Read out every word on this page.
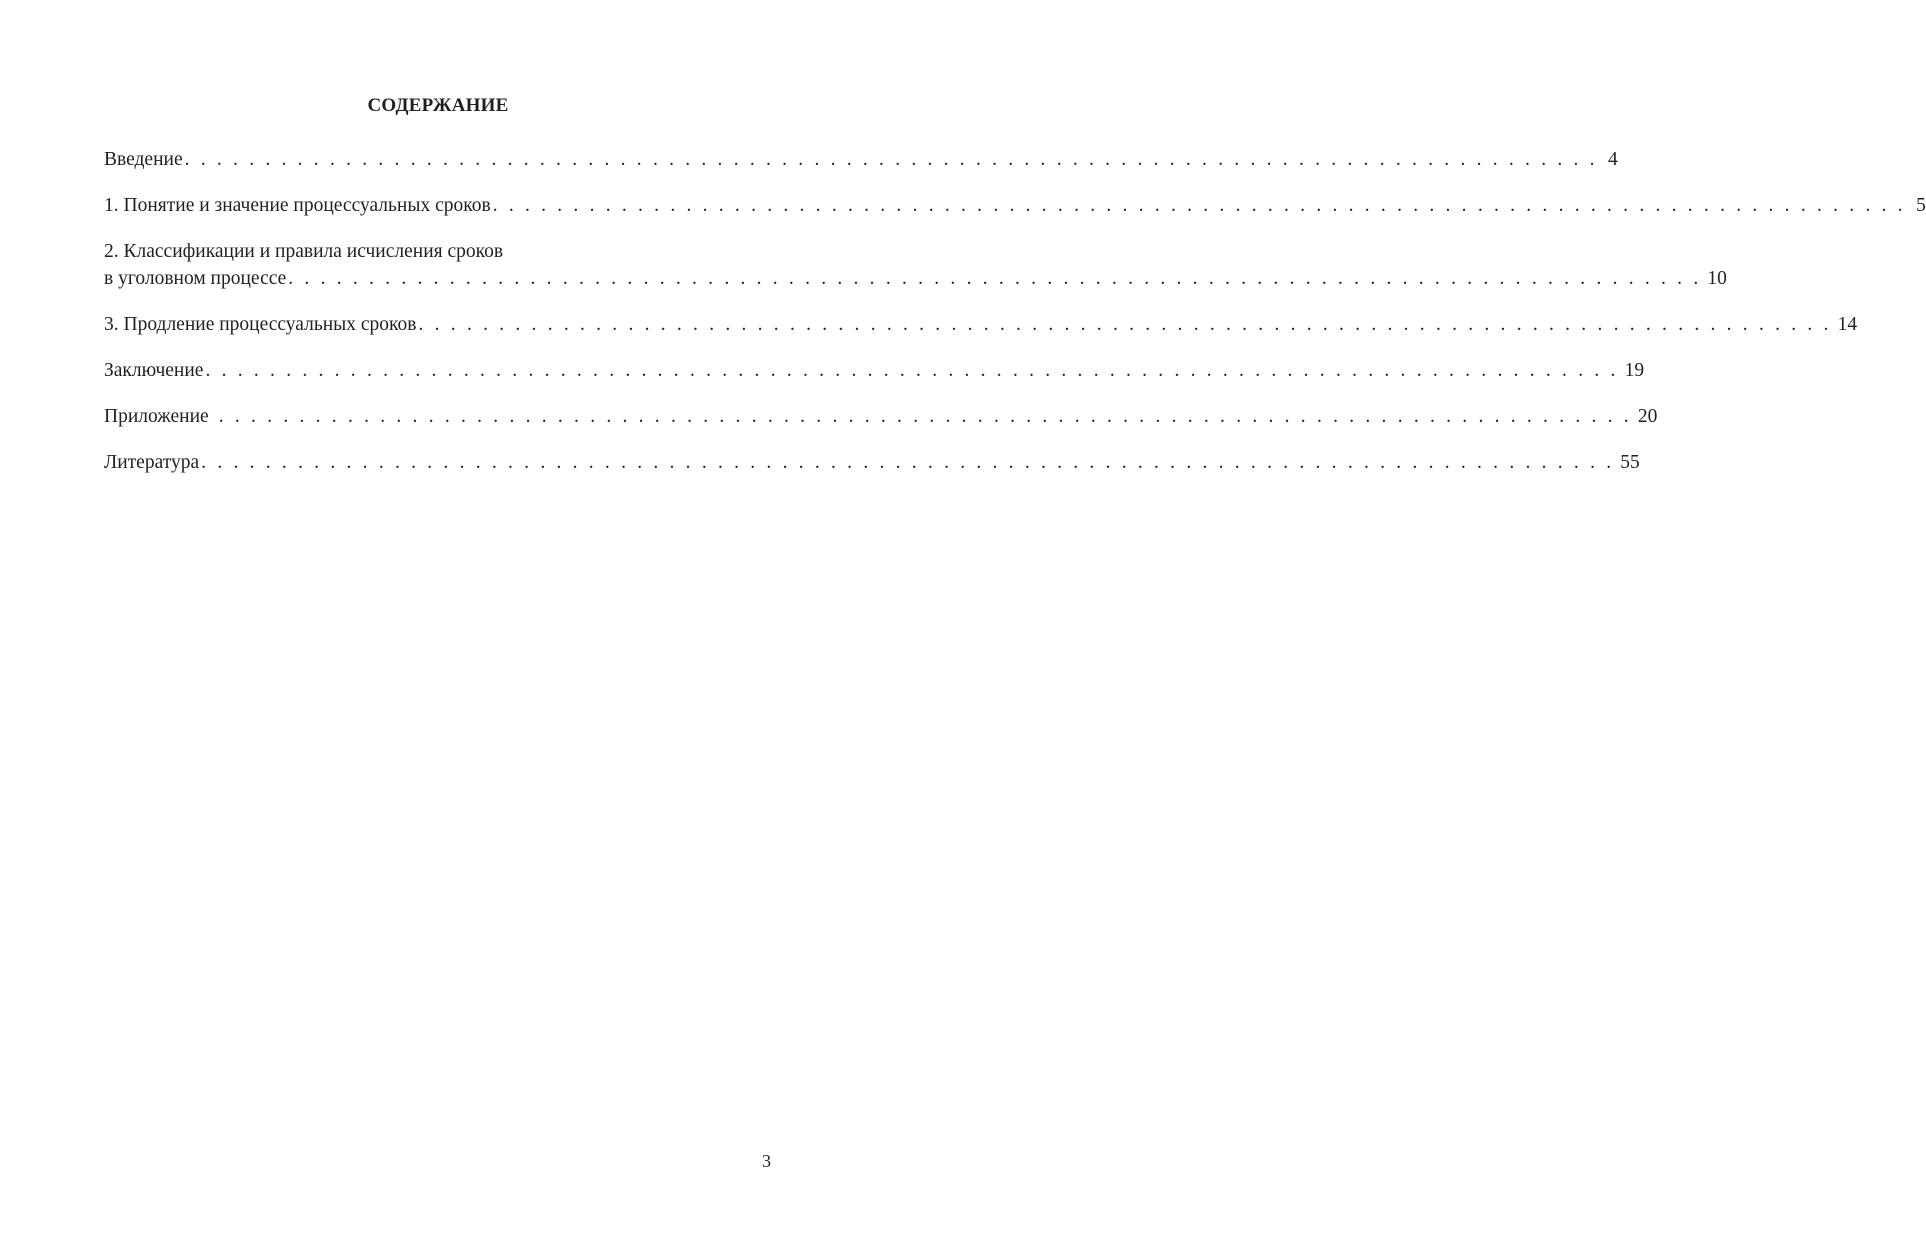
СОДЕРЖАНИЕ
Введение . . . . . . . . . . . . . . . . . . . . . . . . . . . . . . . . . . . . . . . . . . . . . . . . . . . . . . . . . . . . . . . . . . . . . . . . . . . . . . . . . . . . . . . . 4
1. Понятие и значение процессуальных сроков . . . . . . . . . . . . . . . . . . . . . . . . . . . . . . . . . . . . . . . . . . . . . . . . . . . . . . . . . . . . . . . . . . . . . . . . . . . . . . . . . . . . . . . . 5
2. Классификации и правила исчисления сроков
в уголовном процессе . . . . . . . . . . . . . . . . . . . . . . . . . . . . . . . . . . . . . . . . . . . . . . . . . . . . . . . . . . . . . . . . . . . . . . . . . . . . . . . . . . . . . . . . 10
3. Продление процессуальных сроков . . . . . . . . . . . . . . . . . . . . . . . . . . . . . . . . . . . . . . . . . . . . . . . . . . . . . . . . . . . . . . . . . . . . . . . . . . . . . . . . . . . . . . . . 14
Заключение . . . . . . . . . . . . . . . . . . . . . . . . . . . . . . . . . . . . . . . . . . . . . . . . . . . . . . . . . . . . . . . . . . . . . . . . . . . . . . . . . . . . . . . . 19
Приложение . . . . . . . . . . . . . . . . . . . . . . . . . . . . . . . . . . . . . . . . . . . . . . . . . . . . . . . . . . . . . . . . . . . . . . . . . . . . . . . . . . . . . . . . 20
Литература . . . . . . . . . . . . . . . . . . . . . . . . . . . . . . . . . . . . . . . . . . . . . . . . . . . . . . . . . . . . . . . . . . . . . . . . . . . . . . . . . . . . . . . . 55
3
